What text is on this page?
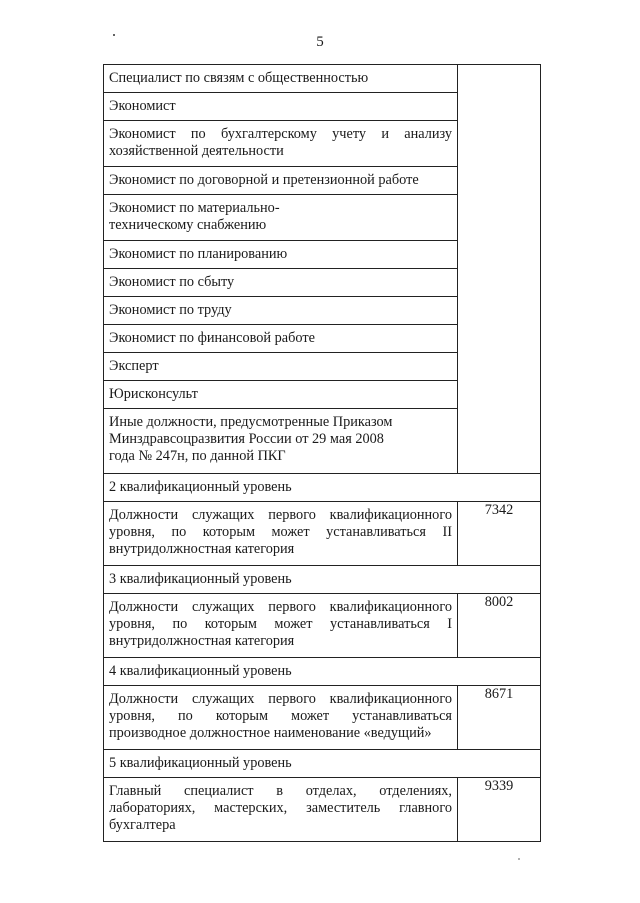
5
Специалист по связям с общественностью	

Экономист	

Экономист по бухгалтерскому учету и анализу хозяйственной деятельности	

Экономист по договорной и претензионной работе	

Экономист по материально-техническому снабжению	

Экономист по планированию	

Экономист по сбыту	

Экономист по труду	

Экономист по финансовой работе	

Эксперт	

Юрисконсульт	

Иные должности, предусмотренные Приказом Минздравсоцразвития России от 29 мая 2008 года № 247н, по данной ПКГ	

2 квалификационный уровень	

Должности служащих первого квалификационного уровня, по которым может устанавливаться II внутридолжностная категория	7342

3 квалификационный уровень	

Должности служащих первого квалификационного уровня, по которым может устанавливаться I внутридолжностная категория	8002

4 квалификационный уровень	

Должности служащих первого квалификационного уровня, по которым может устанавливаться производное должностное наименование «ведущий»	8671

5 квалификационный уровень	

Главный специалист в отделах, отделениях, лабораториях, мастерских, заместитель главного бухгалтера	9339
